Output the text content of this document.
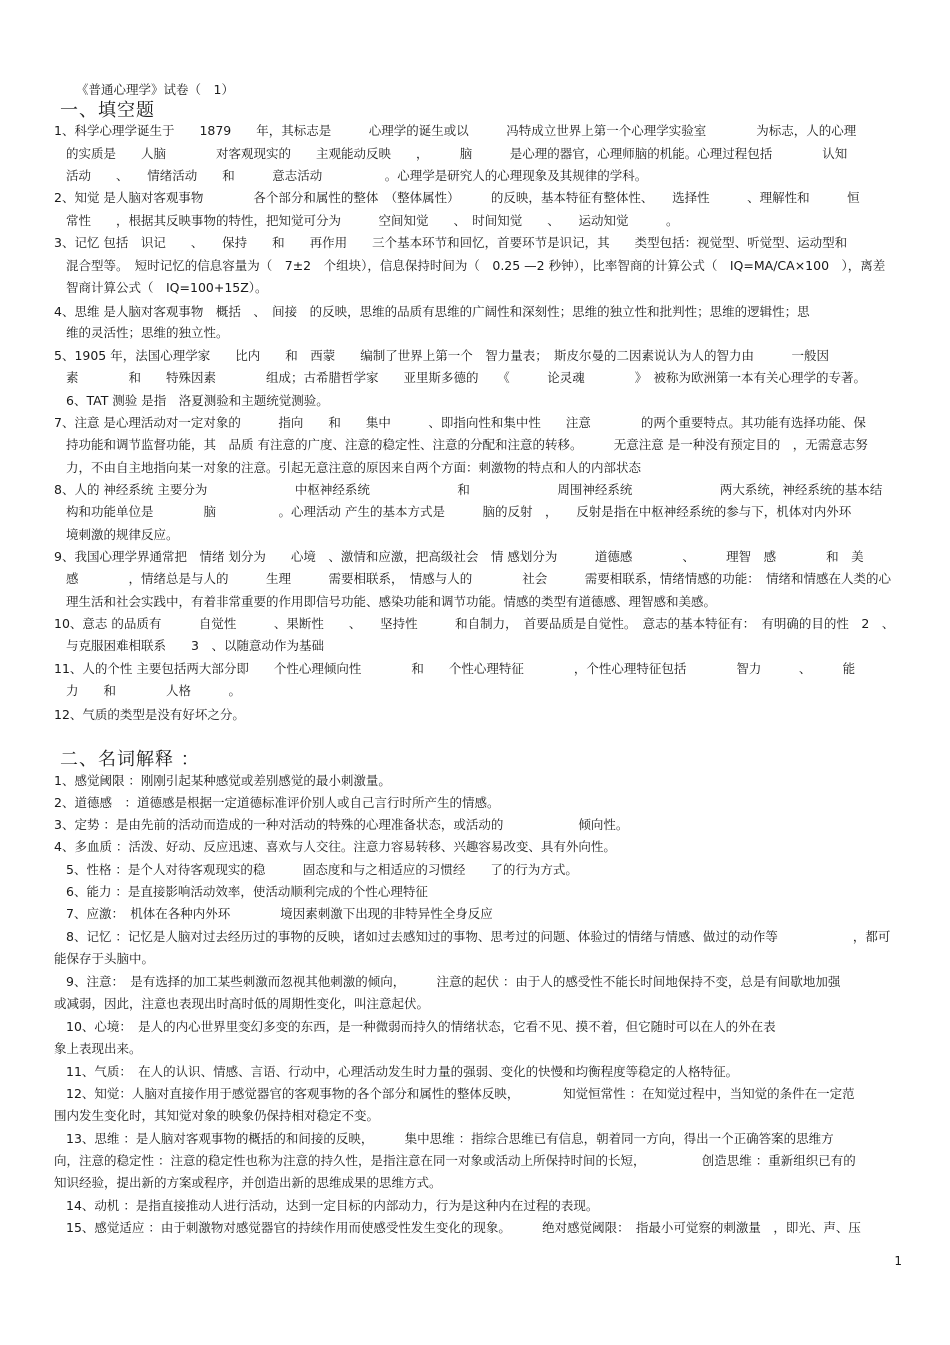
《普通心理学》试卷（　1）
一、填空题
1、科学心理学诞生于　　1879　　年，其标志是　　　心理学的诞生或以　　　冯特成立世界上第一个心理学实验室　　　　为标志，人的心理
的实质是　　人脑　　　　对客观现实的　　主观能动反映　　，　　　脑　　　是心理的器官，心理师脑的机能。心理过程包括　　　　认知
活动　　、　　情绪活动　　和　　　意志活动　　　　　。心理学是研究人的心理现象及其规律的学科。
2、知觉 是人脑对客观事物　　　　各个部分和属性的整体　（整体属性）　　　的反映，基本特征有整体性、　　选择性　　　、理解性和　　　恒
常性　　，根据其反映事物的特性，把知觉可分为　　　空间知觉　　、　时间知觉　　、　　运动知觉　　　。
3、记忆 包括　识记　　、　　保持　　和　　再作用　　三个基本环节和回忆，首要环节是识记，其　　类型包括：视觉型、听觉型、运动型和
混合型等。　短时记忆的信息容量为（　7±2　个组块），信息保持时间为（　0.25 —2 秒钟），比率智商的计算公式（　IQ=MA/CA×100　），离差
智商计算公式（　IQ=100+15Z）。
4、思维 是人脑对客观事物　概括　、　间接　的反映，思维的品质有思维的广阔性和深刻性；思维的独立性和批判性；思维的逻辑性；思
维的灵活性；思维的独立性。
5、1905 年，法国心理学家　　比内　　和　西蒙　　编制了世界上第一个　智力量表；　斯皮尔曼的二因素说认为人的智力由　　　一般因
素　　　　和　　特殊因素　　　　组成；古希腊哲学家　　亚里斯多德的　　《　　　论灵魂　　　　》　被称为欧洲第一本有关心理学的专著。
6、TAT 测验 是指　洛夏测验和主题统觉测验。
7、注意 是心理活动对一定对象的　　　指向　　和　　集中　　　、即指向性和集中性　　注意　　　　的两个重要特点。其功能有选择功能、保
持功能和调节监督功能，其　品质 有注意的广度、注意的稳定性、注意的分配和注意的转移。　　　无意注意 是一种没有预定目的　，无需意志努
力，不由自主地指向某一对象的注意。引起无意注意的原因来自两个方面：刺激物的特点和人的内部状态
8、人的 神经系统 主要分为　　　　　　　中枢神经系统　　　　　　　和　　　　　　　周围神经系统　　　　　　　两大系统，神经系统的基本结
构和功能单位是　　　　脑　　　　　。心理活动 产生的基本方式是　　　脑的反射　，　　反射是指在中枢神经系统的参与下，机体对内外环
境刺激的规律反应。
9、我国心理学界通常把　情绪 划分为　　心境　、激情和应激，把高级社会　情 感划分为　　　道德感　　　　、　　　理智　感　　　　和　美
感　　　　，情绪总是与人的　　　生理　　　需要相联系，　情感与人的　　　　社会　　　需要相联系，情绪情感的功能：　情绪和情感在人类的心
理生活和社会实践中，有着非常重要的作用即信号功能、感染功能和调节功能。情感的类型有道德感、理智感和美感。
10、意志 的品质有　　　自觉性　　　、果断性　　、　　坚持性　　　和自制力，　首要品质是自觉性。　意志的基本特征有：　有明确的目的性　2　、
与克服困难相联系　　3　、以随意动作为基础
11、人的个性 主要包括两大部分即　　个性心理倾向性　　　　和　　个性心理特征　　　　，个性心理特征包括　　　　智力　　　、　　　能
力　　和　　　　人格　　　。
12、气质的类型是没有好坏之分。
二、名词解释 ：
1、感觉阈限 ：刚刚引起某种感觉或差别感觉的最小刺激量。
2、道德感　：道德感是根据一定道德标准评价别人或自己言行时所产生的情感。
3、定势 ：是由先前的活动而造成的一种对活动的特殊的心理准备状态，或活动的　　　　　　倾向性。
4、多血质 ：活泼、好动、反应迅速、喜欢与人交往。注意力容易转移、兴趣容易改变、具有外向性。
5、性格 ：是个人对待客观现实的稳　　　固态度和与之相适应的习惯经　　了的行为方式。
6、能力 ：是直接影响活动效率，使活动顺利完成的个性心理特征
7、应激：　机体在各种内外环　　　　境因素刺激下出现的非特异性全身反应
8、记忆 ：记忆是人脑对过去经历过的事物的反映，诸如过去感知过的事物、思考过的问题、体验过的情绪与情感、做过的动作等　　　　　　，都可
能保存于头脑中。
9、注意：　是有选择的加工某些刺激而忽视其他刺激的倾向，　　　注意的起伏 ：由于人的感受性不能长时间地保持不变，总是有间歇地加强
或减弱，因此，注意也表现出时高时低的周期性变化，叫注意起伏。
10、心境：　是人的内心世界里变幻多变的东西，是一种微弱而持久的情绪状态，它看不见、摸不着，但它随时可以在人的外在表
象上表现出来。
11、气质：　在人的认识、情感、言语、行动中，心理活动发生时力量的强弱、变化的快慢和均衡程度等稳定的人格特征。
12、知觉：人脑对直接作用于感觉器官的客观事物的各个部分和属性的整体反映，　　　　知觉恒常性 ：在知觉过程中，当知觉的条件在一定范
围内发生变化时，其知觉对象的映象仍保持相对稳定不变。
13、思维 ：是人脑对客观事物的概括的和间接的反映，　　　集中思维 ：指综合思维已有信息，朝着同一方向，得出一个正确答案的思维方
向，注意的稳定性 ：注意的稳定性也称为注意的持久性，是指注意在同一对象或活动上所保持时间的长短，　　　　　创造思维 ：重新组织已有的
知识经验，提出新的方案或程序，并创造出新的思维成果的思维方式。
14、动机 ：是指直接推动人进行活动，达到一定目标的内部动力，行为是这种内在过程的表现。
15、感觉适应 ：由于刺激物对感觉器官的持续作用而使感受性发生变化的现象。　　　绝对感觉阈限：　指最小可觉察的刺激量　，即光、声、压
1
